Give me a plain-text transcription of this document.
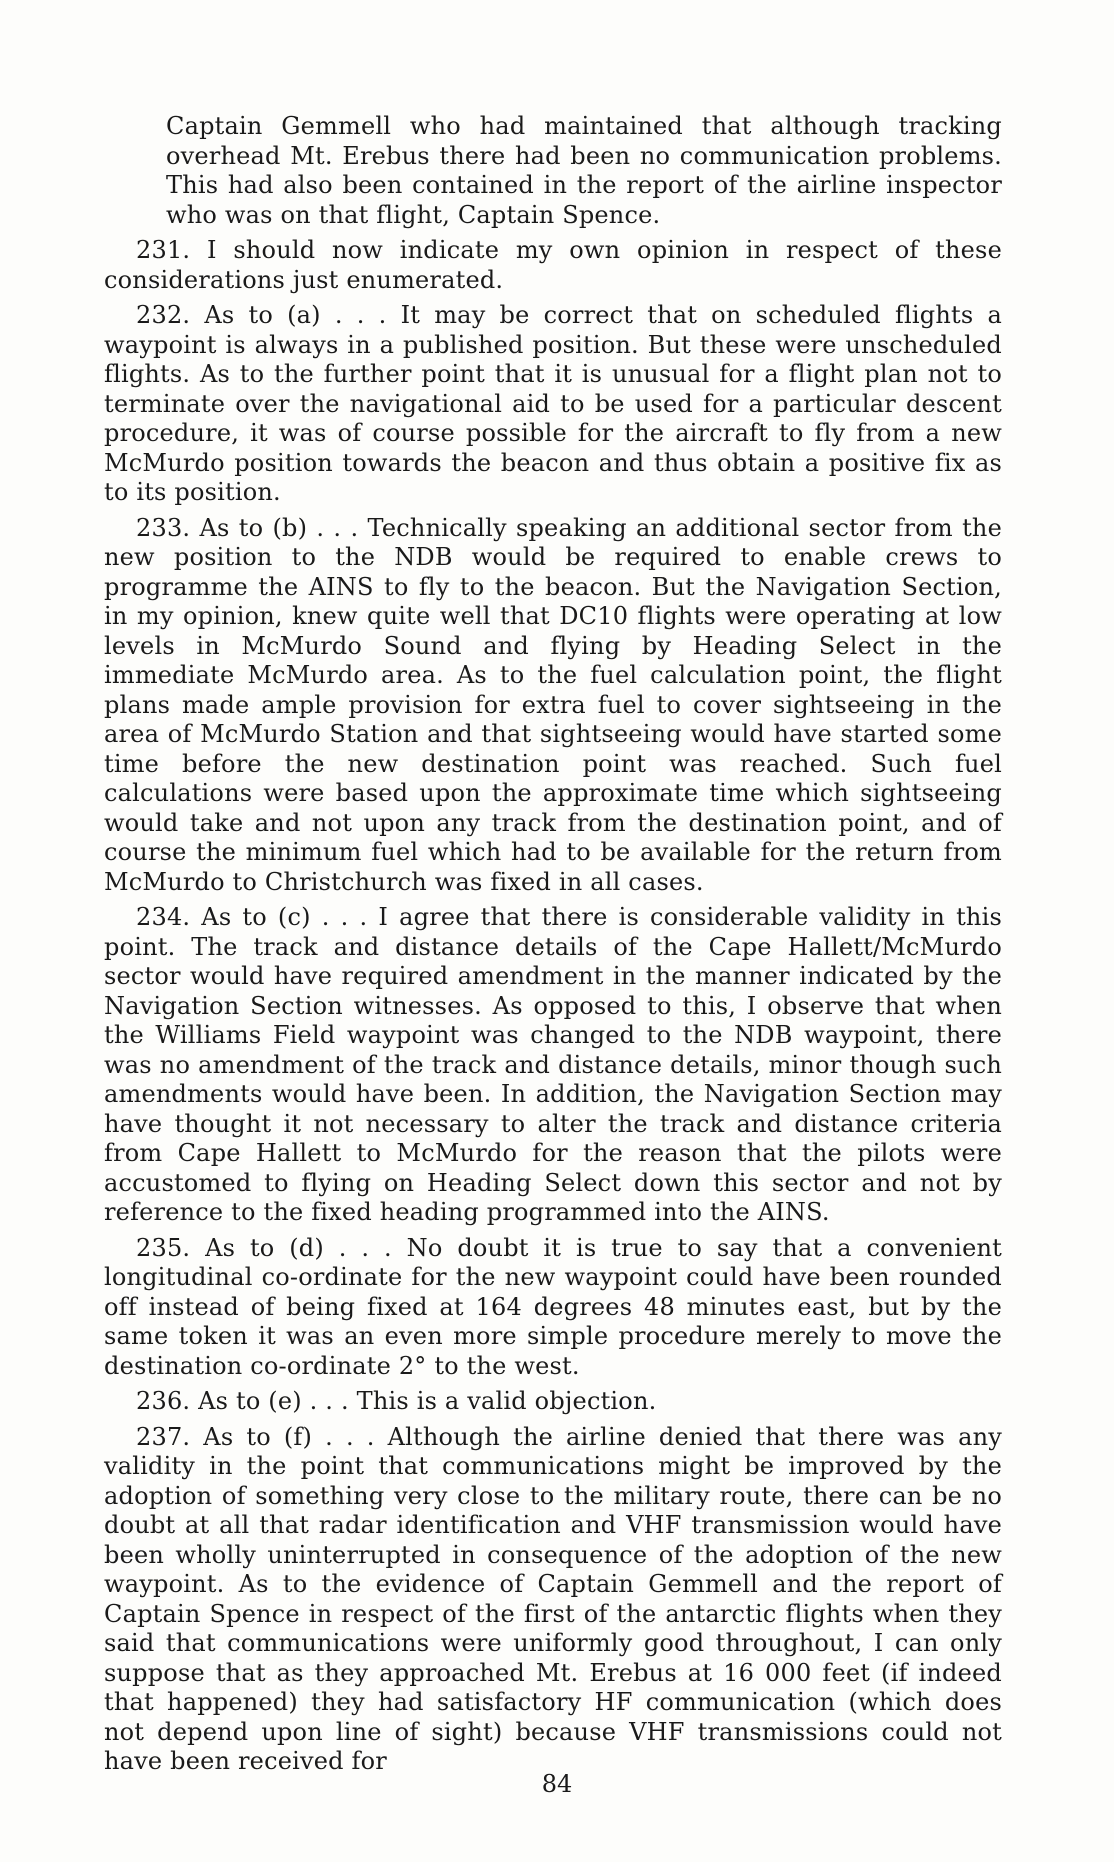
Captain Gemmell who had maintained that although tracking overhead Mt. Erebus there had been no communication problems. This had also been contained in the report of the airline inspector who was on that flight, Captain Spence.

231. I should now indicate my own opinion in respect of these considerations just enumerated.

232. As to (a) . . . It may be correct that on scheduled flights a waypoint is always in a published position. But these were unscheduled flights. As to the further point that it is unusual for a flight plan not to terminate over the navigational aid to be used for a particular descent procedure, it was of course possible for the aircraft to fly from a new McMurdo position towards the beacon and thus obtain a positive fix as to its position.

233. As to (b) . . . Technically speaking an additional sector from the new position to the NDB would be required to enable crews to programme the AINS to fly to the beacon. But the Navigation Section, in my opinion, knew quite well that DC10 flights were operating at low levels in McMurdo Sound and flying by Heading Select in the immediate McMurdo area. As to the fuel calculation point, the flight plans made ample provision for extra fuel to cover sightseeing in the area of McMurdo Station and that sightseeing would have started some time before the new destination point was reached. Such fuel calculations were based upon the approximate time which sightseeing would take and not upon any track from the destination point, and of course the minimum fuel which had to be available for the return from McMurdo to Christchurch was fixed in all cases.

234. As to (c) . . . I agree that there is considerable validity in this point. The track and distance details of the Cape Hallett/McMurdo sector would have required amendment in the manner indicated by the Navigation Section witnesses. As opposed to this, I observe that when the Williams Field waypoint was changed to the NDB waypoint, there was no amendment of the track and distance details, minor though such amendments would have been. In addition, the Navigation Section may have thought it not necessary to alter the track and distance criteria from Cape Hallett to McMurdo for the reason that the pilots were accustomed to flying on Heading Select down this sector and not by reference to the fixed heading programmed into the AINS.

235. As to (d) . . . No doubt it is true to say that a convenient longitudinal co-ordinate for the new waypoint could have been rounded off instead of being fixed at 164 degrees 48 minutes east, but by the same token it was an even more simple procedure merely to move the destination co-ordinate 2° to the west.

236. As to (e) . . . This is a valid objection.

237. As to (f) . . . Although the airline denied that there was any validity in the point that communications might be improved by the adoption of something very close to the military route, there can be no doubt at all that radar identification and VHF transmission would have been wholly uninterrupted in consequence of the adoption of the new waypoint. As to the evidence of Captain Gemmell and the report of Captain Spence in respect of the first of the antarctic flights when they said that communications were uniformly good throughout, I can only suppose that as they approached Mt. Erebus at 16 000 feet (if indeed that happened) they had satisfactory HF communication (which does not depend upon line of sight) because VHF transmissions could not have been received for

84
